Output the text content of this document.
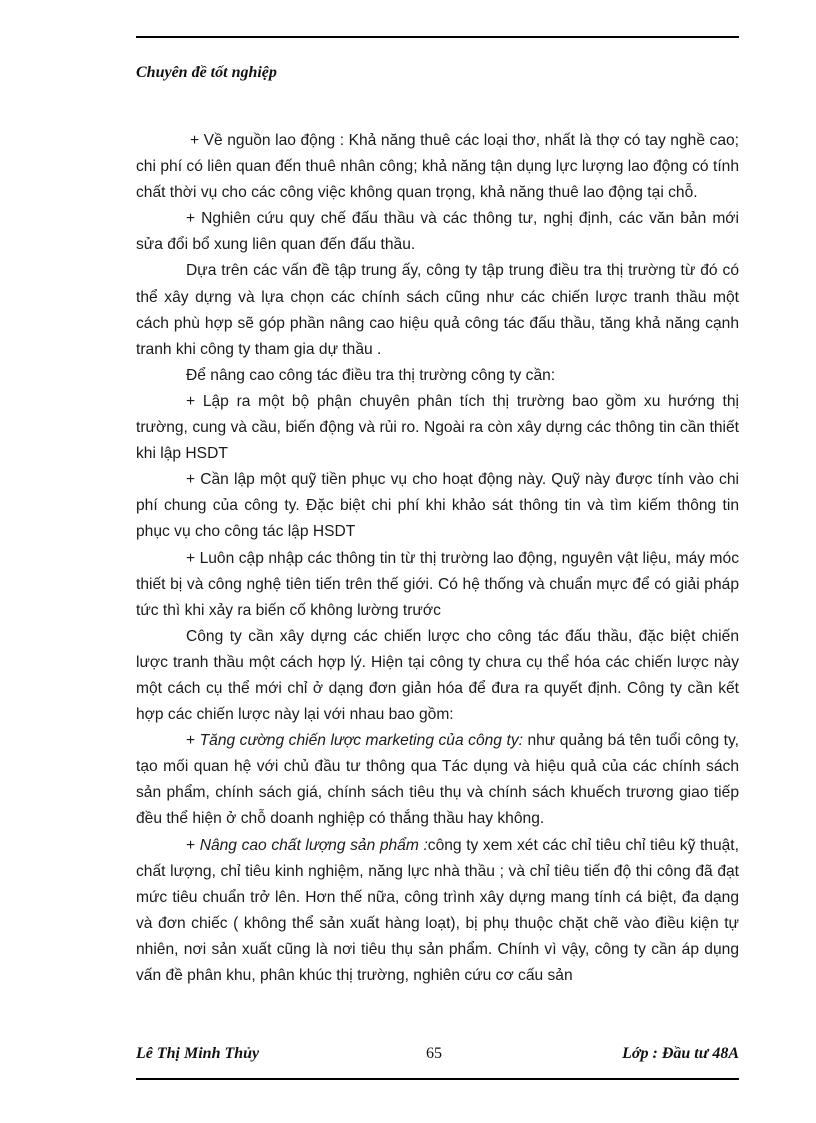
Chuyên đề tốt nghiệp

+ Về nguồn lao động : Khả năng thuê các loại thơ, nhất là thợ có tay nghề cao; chi phí có liên quan đến thuê nhân công; khả năng tận dụng lực lượng lao động có tính chất thời vụ cho các công việc không quan trọng, khả năng thuê lao động tại chỗ.

+ Nghiên cứu quy chế đấu thầu và các thông tư, nghị định, các văn bản mới sửa đổi bổ xung liên quan đến đấu thầu.

Dựa trên các vấn đề tập trung ấy, công ty tập trung điều tra thị trường từ đó có thể xây dựng và lựa chọn các chính sách cũng như các chiến lược tranh thầu một cách phù hợp sẽ góp phần nâng cao hiệu quả công tác đấu thầu, tăng khả năng cạnh tranh khi công ty tham gia dự thầu .

Để nâng cao công tác điều tra thị trường công ty cần:

+ Lập ra một bộ phận chuyên phân tích thị trường bao gồm xu hướng thị trường, cung và cầu, biến động và rủi ro. Ngoài ra còn xây dựng các thông tin cần thiết khi lập HSDT

+ Cần lập một quỹ tiền phục vụ cho hoạt động này. Quỹ này được tính vào chi phí chung của công ty. Đặc biệt chi phí khi khảo sát thông tin và tìm kiếm thông tin phục vụ cho công tác lập HSDT

+ Luôn cập nhập các thông tin từ thị trường lao động, nguyên vật liệu, máy móc thiết bị và công nghệ tiên tiến trên thế giới. Có hệ thống và chuẩn mực để có giải pháp tức thì khi xảy ra biến cố không lường trước

Công ty cần xây dựng các chiến lược cho công tác đấu thầu, đặc biệt chiến lược tranh thầu một cách hợp lý. Hiện tại công ty chưa cụ thể hóa các chiến lược này một cách cụ thể mới chỉ ở dạng đơn giản hóa để đưa ra quyết định. Công ty cần kết hợp các chiến lược này lại với nhau bao gồm:

+ Tăng cường chiến lược marketing của công ty: như quảng bá tên tuổi công ty, tạo mối quan hệ với chủ đầu tư thông qua Tác dụng và hiệu quả của các chính sách sản phẩm, chính sách giá, chính sách tiêu thụ và chính sách khuếch trương giao tiếp đều thể hiện ở chỗ doanh nghiệp có thắng thầu hay không.

+ Nâng cao chất lượng sản phẩm :công ty xem xét các chỉ tiêu chỉ tiêu kỹ thuật, chất lượng, chỉ tiêu kinh nghiệm, năng lực nhà thầu ; và chỉ tiêu tiến độ thi công đã đạt mức tiêu chuẩn trở lên. Hơn thế nữa, công trình xây dựng mang tính cá biệt, đa dạng và đơn chiếc ( không thể sản xuất hàng loạt), bị phụ thuộc chặt chẽ vào điều kiện tự nhiên, nơi sản xuất cũng là nơi tiêu thụ sản phẩm. Chính vì vậy, công ty cần áp dụng vấn đề phân khu, phân khúc thị trường, nghiên cứu cơ cấu sản

Lê Thị Minh Thủy	65	Lớp : Đầu tư 48A
